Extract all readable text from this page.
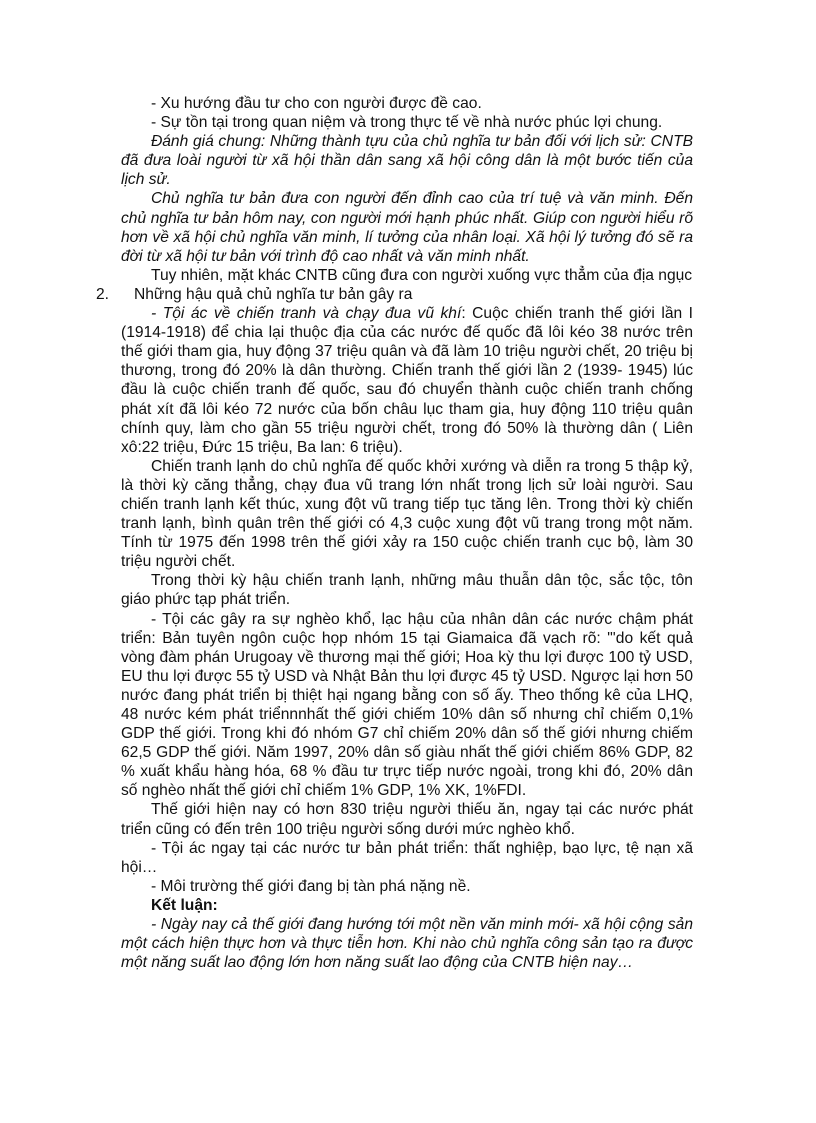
- Xu hướng đầu tư cho con người được đề cao.

- Sự tồn tại trong quan niệm và trong thực tế về nhà nước phúc lợi chung.

Đánh giá chung: Những thành tựu của chủ nghĩa tư bản đối với lịch sử: CNTB đã đưa loài người từ xã hội thần dân sang xã hội công dân là một bước tiến của lịch sử.

Chủ nghĩa tư bản đưa con người đến đỉnh cao của trí tuệ và văn minh. Đến chủ nghĩa tư bản hôm nay, con người mới hạnh phúc nhất. Giúp con người hiểu rõ hơn về xã hội chủ nghĩa văn minh, lí tưởng của nhân loại. Xã hội lý tưởng đó sẽ ra đời từ xã hội tư bản với trình độ cao nhất và văn minh nhất.

Tuy nhiên, mặt khác CNTB cũng đưa con người xuống vực thẳm của địa ngục

2. Những hậu quả chủ nghĩa tư bản gây ra

- Tội ác về chiến tranh và chạy đua vũ khí: Cuộc chiến tranh thế giới lần I (1914-1918) để chia lại thuộc địa của các nước đế quốc đã lôi kéo 38 nước trên thế giới tham gia, huy động 37 triệu quân và đã làm 10 triệu người chết, 20 triệu bị thương, trong đó 20% là dân thường. Chiến tranh thế giới lần 2 (1939- 1945) lúc đầu là cuộc chiến tranh đế quốc, sau đó chuyển thành cuộc chiến tranh chống phát xít đã lôi kéo 72 nước của bốn châu lục tham gia, huy động 110 triệu quân chính quy, làm cho gần 55 triệu người chết, trong đó 50% là thường dân ( Liên xô:22 triệu, Đức 15 triệu, Ba lan: 6 triệu).

Chiến tranh lạnh do chủ nghĩa đế quốc khởi xướng và diễn ra trong 5 thập kỷ, là thời kỳ căng thẳng, chạy đua vũ trang lớn nhất trong lịch sử loài người. Sau chiến tranh lạnh kết thúc, xung đột vũ trang tiếp tục tăng lên. Trong thời kỳ chiến tranh lạnh, bình quân trên thế giới có 4,3 cuộc xung đột vũ trang trong một năm. Tính từ 1975 đến 1998 trên thế giới xảy ra 150 cuộc chiến tranh cục bộ, làm 30 triệu người chết.

Trong thời kỳ hậu chiến tranh lạnh, những mâu thuẫn dân tộc, sắc tộc, tôn giáo phức tạp phát triển.

- Tội các gây ra sự nghèo khổ, lạc hậu của nhân dân các nước chậm phát triển: Bản tuyên ngôn cuộc họp nhóm 15 tại Giamaica đã vạch rõ: "'do kết quả vòng đàm phán Urugoay về thương mại thế giới; Hoa kỳ thu lợi được 100 tỷ USD, EU thu lợi được 55 tỷ USD và Nhật Bản thu lợi được 45 tỷ USD. Ngược lại hơn 50 nước đang phát triển bị thiệt hại ngang bằng con số ấy. Theo thống kê của LHQ, 48 nước kém phát triểnnnhất thế giới chiếm 10% dân số nhưng chỉ chiếm 0,1% GDP thế giới. Trong khi đó nhóm G7 chỉ chiếm 20% dân số thế giới nhưng chiếm 62,5 GDP thế giới. Năm 1997, 20% dân số giàu nhất thế giới chiếm 86% GDP, 82 % xuất khẩu hàng hóa, 68 % đầu tư trực tiếp nước ngoài, trong khi đó, 20% dân số nghèo nhất thế giới chỉ chiếm 1% GDP, 1% XK, 1%FDI.

Thế giới hiện nay có hơn 830 triệu người thiếu ăn, ngay tại các nước phát triển cũng có đến trên 100 triệu người sống dưới mức nghèo khổ.

- Tội ác ngay tại các nước tư bản phát triển: thất nghiệp, bạo lực, tệ nạn xã hội…

- Môi trường thế giới đang bị tàn phá nặng nề.

Kết luận:

- Ngày nay cả thế giới đang hướng tới một nền văn minh mới- xã hội cộng sản một cách hiện thực hơn và thực tiễn hơn. Khi nào chủ nghĩa công sản tạo ra được một năng suất lao động lớn hơn năng suất lao động của CNTB hiện nay…
